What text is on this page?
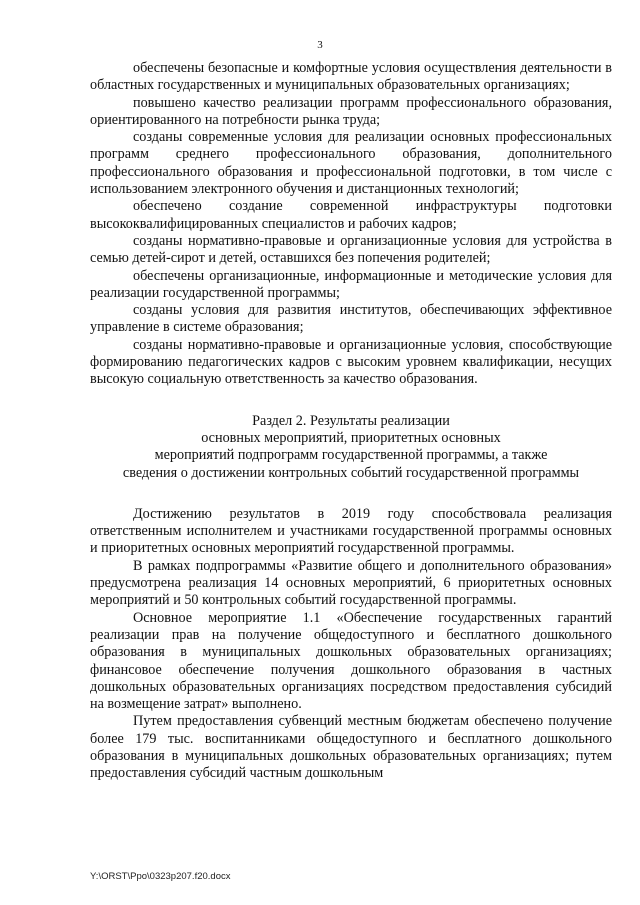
3

обеспечены безопасные и комфортные условия осуществления деятельности в областных государственных и муниципальных образовательных организациях;

повышено качество реализации программ профессионального образования, ориентированного на потребности рынка труда;

созданы современные условия для реализации основных профессиональных программ среднего профессионального образования, дополнительного профессионального образования и профессиональной подготовки, в том числе с использованием электронного обучения и дистанционных технологий;

обеспечено создание современной инфраструктуры подготовки высококвалифицированных специалистов и рабочих кадров;

созданы нормативно-правовые и организационные условия для устройства в семью детей-сирот и детей, оставшихся без попечения родителей;

обеспечены организационные, информационные и методические условия для реализации государственной программы;

созданы условия для развития институтов, обеспечивающих эффективное управление в системе образования;

созданы нормативно-правовые и организационные условия, способствующие формированию педагогических кадров с высоким уровнем квалификации, несущих высокую социальную ответственность за качество образования.

Раздел 2. Результаты реализации
основных мероприятий, приоритетных основных
мероприятий подпрограмм государственной программы, а также
сведения о достижении контрольных событий государственной программы

Достижению результатов в 2019 году способствовала реализация ответственным исполнителем и участниками государственной программы основных и приоритетных основных мероприятий государственной программы.

В рамках подпрограммы «Развитие общего и дополнительного образования» предусмотрена реализация 14 основных мероприятий, 6 приоритетных основных мероприятий и 50 контрольных событий государственной программы.

Основное мероприятие 1.1 «Обеспечение государственных гарантий реализации прав на получение общедоступного и бесплатного дошкольного образования в муниципальных дошкольных образовательных организациях; финансовое обеспечение получения дошкольного образования в частных дошкольных образовательных организациях посредством предоставления субсидий на возмещение затрат» выполнено.

Путем предоставления субвенций местным бюджетам обеспечено получение более 179 тыс. воспитанниками общедоступного и бесплатного дошкольного образования в муниципальных дошкольных образовательных организациях; путем предоставления субсидий частным дошкольным

Y:\ORST\Ppo\0323p207.f20.docx
